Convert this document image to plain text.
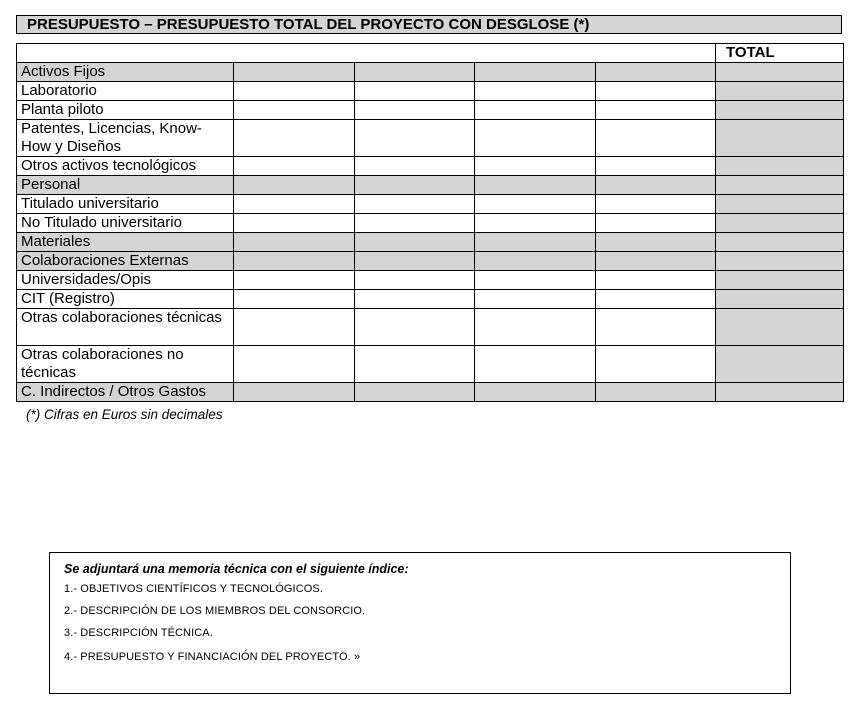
PRESUPUESTO – PRESUPUESTO TOTAL DEL PROYECTO CON DESGLOSE (*)
					TOTAL
Activos Fijos					
Laboratorio					
Planta piloto					
Patentes, Licencias, Know-How y Diseños					
Otros activos tecnológicos					
Personal					
Titulado universitario					
No Titulado universitario					
Materiales					
Colaboraciones Externas					
Universidades/Opis					
CIT (Registro)					
Otras colaboraciones técnicas					
Otras colaboraciones no técnicas					
C. Indirectos / Otros Gastos					
(*) Cifras en Euros sin decimales

Se adjuntará una memoria técnica con el siguiente índice:

1.- OBJETIVOS CIENTÍFICOS Y TECNOLÓGICOS.

2.- DESCRIPCIÓN DE LOS MIEMBROS DEL CONSORCIO.

3.- DESCRIPCIÓN TÉCNICA.

4.- PRESUPUESTO Y FINANCIACIÓN DEL PROYECTO. »
